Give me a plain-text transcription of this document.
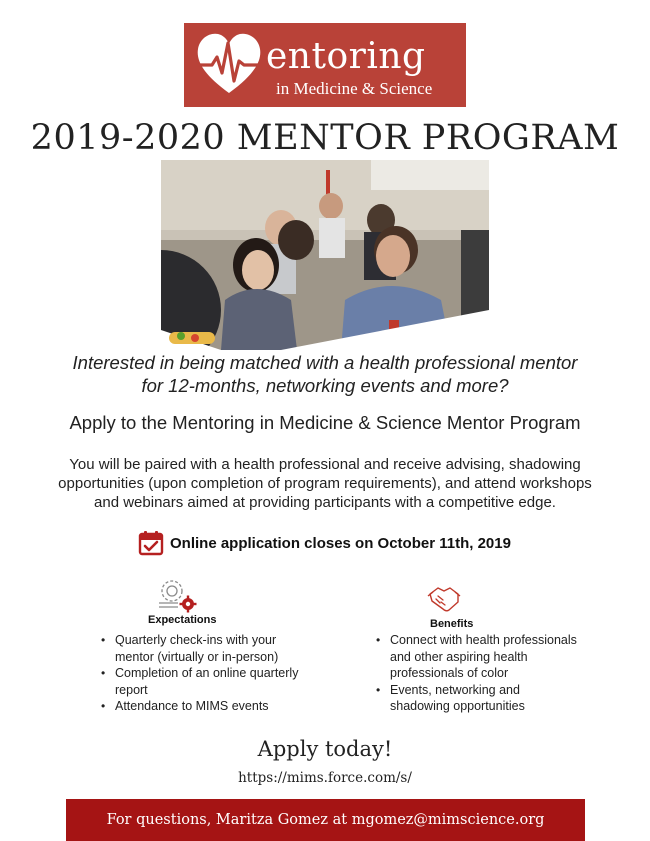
entoring
in Medicine & Science
2019-2020 MENTOR PROGRAM
Interested in being matched with a health professional mentor for 12-months, networking events and more?
Apply to the Mentoring in Medicine & Science Mentor Program
You will be paired with a health professional and receive advising, shadowing opportunities (upon completion of program requirements), and attend workshops and webinars aimed at providing participants with a competitive edge.
Online application closes on October 11th, 2019
Expectations
• Quarterly check-ins with your mentor (virtually or in-person)
• Completion of an online quarterly report
• Attendance to MIMS events
Benefits
• Connect with health professionals and other aspiring health professionals of color
• Events, networking and shadowing opportunities
Apply today!
https://mims.force.com/s/
For questions, Maritza Gomez at mgomez@mimscience.org
